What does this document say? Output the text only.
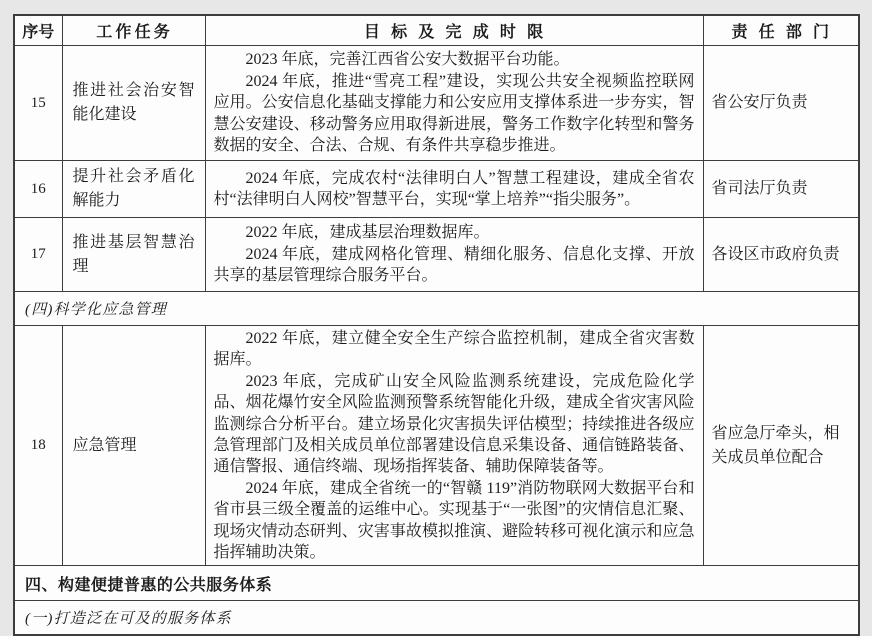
序号	工作任务	目标及完成时限	责任部门
15	推进社会治安智能化建设	2023 年底，完善江西省公安大数据平台功能。

2024 年底，推进“雪亮工程”建设，实现公共安全视频监控联网应用。公安信息化基础支撑能力和公安应用支撑体系进一步夯实，智慧公安建设、移动警务应用取得新进展，警务工作数字化转型和警务数据的安全、合法、合规、有条件共享稳步推进。	省公安厅负责
16	提升社会矛盾化解能力	2024 年底，完成农村“法律明白人”智慧工程建设，建成全省农村“法律明白人网校”智慧平台，实现“掌上培养”“指尖服务”。	省司法厅负责
17	推进基层智慧治理	2022 年底，建成基层治理数据库。

2024 年底，建成网格化管理、精细化服务、信息化支撑、开放共享的基层管理综合服务平台。	各设区市政府负责
(四)科学化应急管理			
18	应急管理	2022 年底，建立健全安全生产综合监控机制，建成全省灾害数据库。

2023 年底，完成矿山安全风险监测系统建设，完成危险化学品、烟花爆竹安全风险监测预警系统智能化升级，建成全省灾害风险监测综合分析平台。建立场景化灾害损失评估模型；持续推进各级应急管理部门及相关成员单位部署建设信息采集设备、通信链路装备、通信警报、通信终端、现场指挥装备、辅助保障装备等。

2024 年底，建成全省统一的“智赣 119”消防物联网大数据平台和省市县三级全覆盖的运维中心。实现基于“一张图”的灾情信息汇聚、现场灾情动态研判、灾害事故模拟推演、避险转移可视化演示和应急指挥辅助决策。	省应急厅牵头，相关成员单位配合
四、构建便捷普惠的公共服务体系			
(一)打造泛在可及的服务体系			
